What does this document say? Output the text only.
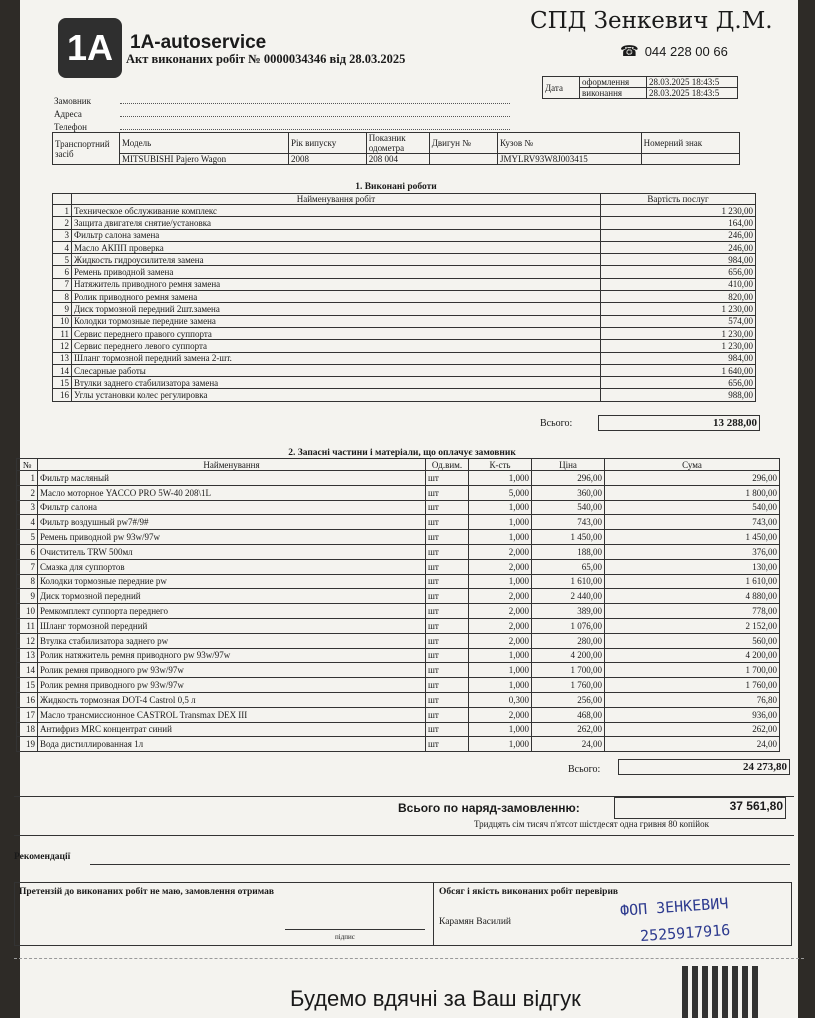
1A 1A-autoservice
Акт виконаних робіт № 0000034346 від 28.03.2025
СПД Зенкевич Д.М.
☎ 044 228 00 66
Дата	оформлення	28.03.2025 18:43:5
	виконання	28.03.2025 18:43:5
Замовник
Адреса
Телефон
Транспортний засіб	Модель	Рік випуску	Показник одометра	Двигун №	Кузов №	Номерний знак
	MITSUBISHI Pajero Wagon	2008	208 004		JMYLRV93W8J003415	
1. Виконані роботи
	Найменування робіт	Вартість послуг
1	Техническое обслуживание комплекс	1 230,00
2	Защита двигателя снятие/установка	164,00
3	Фильтр салона замена	246,00
4	Масло АКПП проверка	246,00
5	Жидкость гидроусилителя замена	984,00
6	Ремень приводной замена	656,00
7	Натяжитель приводного ремня замена	410,00
8	Ролик приводного ремня замена	820,00
9	Диск тормозной передний 2шт.замена	1 230,00
10	Колодки тормозные передние замена	574,00
11	Сервис переднего правого суппорта	1 230,00
12	Сервис переднего левого суппорта	1 230,00
13	Шланг тормозной передний замена 2-шт.	984,00
14	Слесарные работы	1 640,00
15	Втулки заднего стабилизатора замена	656,00
16	Углы установки колес регулировка	988,00
Всього:	13 288,00
2. Запасні частини і матеріали, що оплачує замовник
№	Найменування	Од.вим.	К-сть	Ціна	Сума
1	Фильтр масляный	шт	1,000	296,00	296,00
2	Масло моторное YACCO PRO 5W-40 208\1L	шт	5,000	360,00	1 800,00
3	Фильтр салона	шт	1,000	540,00	540,00
4	Фильтр воздушный pw7#/9#	шт	1,000	743,00	743,00
5	Ремень приводной pw 93w/97w	шт	1,000	1 450,00	1 450,00
6	Очиститель TRW 500мл	шт	2,000	188,00	376,00
7	Смазка для суппортов	шт	2,000	65,00	130,00
8	Колодки тормозные передние pw	шт	1,000	1 610,00	1 610,00
9	Диск тормозной передний	шт	2,000	2 440,00	4 880,00
10	Ремкомплект суппорта переднего	шт	2,000	389,00	778,00
11	Шланг тормозной передний	шт	2,000	1 076,00	2 152,00
12	Втулка стабилизатора заднего pw	шт	2,000	280,00	560,00
13	Ролик натяжитель ремня приводного pw 93w/97w	шт	1,000	4 200,00	4 200,00
14	Ролик ремня приводного pw 93w/97w	шт	1,000	1 700,00	1 700,00
15	Ролик ремня приводного pw 93w/97w	шт	1,000	1 760,00	1 760,00
16	Жидкость тормозная DOT-4 Castrol 0,5 л	шт	0,300	256,00	76,80
17	Масло трансмиссионное CASTROL Transmax DEX III	шт	2,000	468,00	936,00
18	Антифриз MRC концентрат синий	шт	1,000	262,00	262,00
19	Вода дистиллированная 1л	шт	1,000	24,00	24,00
Всього:	24 273,80
Всього по наряд-замовленню:	37 561,80
Тридцять сім тисяч п'ятсот шістдесят одна гривня 80 копійок
Рекомендації
Претензій до виконаних робіт не маю, замовлення отримав
підпис
Обсяг і якість виконаних робіт перевірив
Карамян Василий
ФОП ЗЕНКЕВИЧ
2525917916
Будемо вдячні за Ваш відгук
